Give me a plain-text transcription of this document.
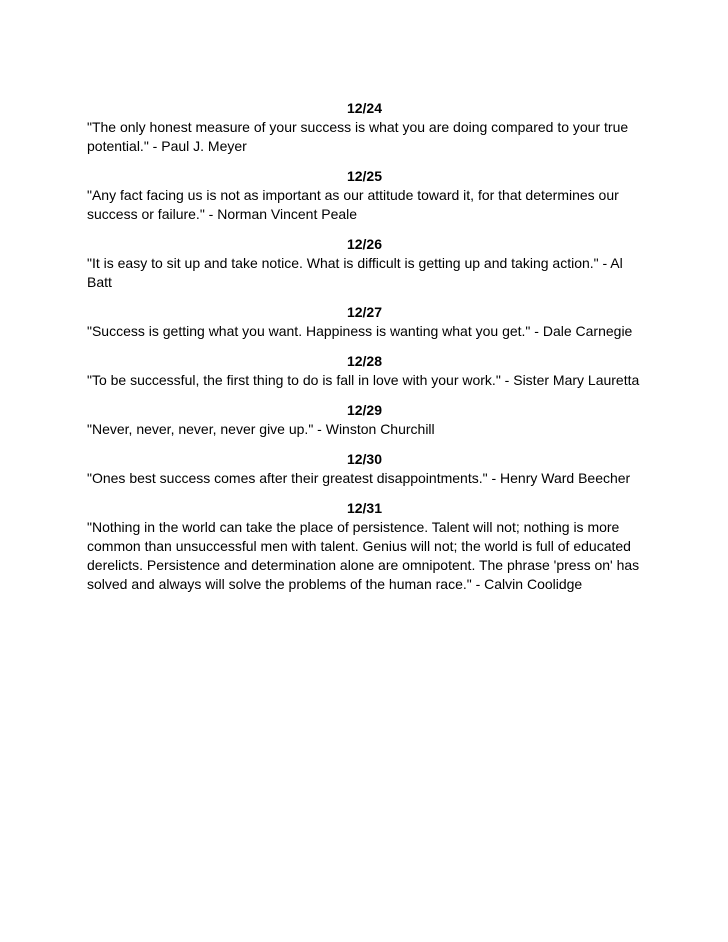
12/24
"The only honest measure of your success is what you are doing compared to your true potential." - Paul J. Meyer
12/25
"Any fact facing us is not as important as our attitude toward it, for that determines our success or failure." - Norman Vincent Peale
12/26
"It is easy to sit up and take notice. What is difficult is getting up and taking action." - Al Batt
12/27
"Success is getting what you want. Happiness is wanting what you get." - Dale Carnegie
12/28
"To be successful, the first thing to do is fall in love with your work." - Sister Mary Lauretta
12/29
"Never, never, never, never give up." - Winston Churchill
12/30
"Ones best success comes after their greatest disappointments." - Henry Ward Beecher
12/31
"Nothing in the world can take the place of persistence. Talent will not; nothing is more common than unsuccessful men with talent. Genius will not; the world is full of educated derelicts. Persistence and determination alone are omnipotent. The phrase 'press on' has solved and always will solve the problems of the human race." - Calvin Coolidge
